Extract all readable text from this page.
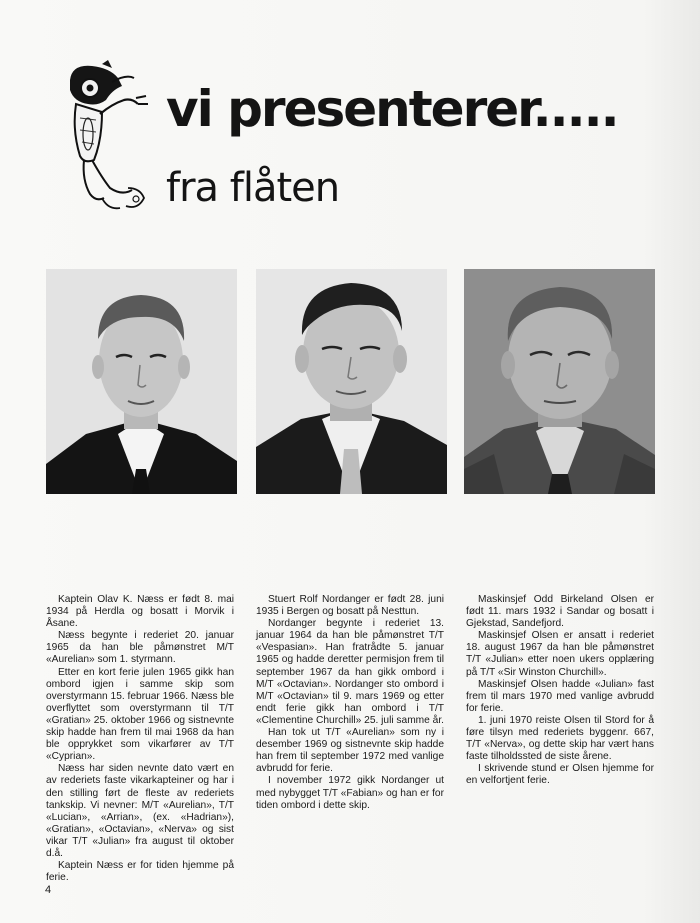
vi presenterer.....
fra flåten

Kaptein Olav K. Næss er født 8. mai 1934 på Herdla og bosatt i Morvik i Åsane.

Næss begynte i rederiet 20. januar 1965 da han ble påmønstret M/T «Aurelian» som 1. styrmann.

Etter en kort ferie julen 1965 gikk han ombord igjen i samme skip som overstyrmann 15. februar 1966. Næss ble overflyttet som overstyrmann til T/T «Gratian» 25. oktober 1966 og sistnevnte skip hadde han frem til mai 1968 da han ble opprykket som vikarfører av T/T «Cyprian».

Næss har siden nevnte dato vært en av rederiets faste vikarkapteiner og har i den stilling ført de fleste av rederiets tankskip. Vi nevner: M/T «Aurelian», T/T «Lucian», «Arrian», (ex. «Hadrian»), «Gratian», «Octavian», «Nerva» og sist vikar T/T «Julian» fra august til oktober d.å.

Kaptein Næss er for tiden hjemme på ferie.

Stuert Rolf Nordanger er født 28. juni 1935 i Bergen og bosatt på Nesttun.

Nordanger begynte i rederiet 13. januar 1964 da han ble påmønstret T/T «Vespasian». Han fratrådte 5. januar 1965 og hadde deretter permisjon frem til september 1967 da han gikk ombord i M/T «Octavian». Nordanger sto ombord i M/T «Octavian» til 9. mars 1969 og etter endt ferie gikk han ombord i T/T «Clementine Churchill» 25. juli samme år.

Han tok ut T/T «Aurelian» som ny i desember 1969 og sistnevnte skip hadde han frem til september 1972 med vanlige avbrudd for ferie.

I november 1972 gikk Nordanger ut med nybygget T/T «Fabian» og han er for tiden ombord i dette skip.

Maskinsjef Odd Birkeland Olsen er født 11. mars 1932 i Sandar og bosatt i Gjekstad, Sandefjord.

Maskinsjef Olsen er ansatt i rederiet 18. august 1967 da han ble påmønstret T/T «Julian» etter noen ukers opplæring på T/T «Sir Winston Churchill».

Maskinsjef Olsen hadde «Julian» fast frem til mars 1970 med vanlige avbrudd for ferie.

1. juni 1970 reiste Olsen til Stord for å føre tilsyn med rederiets byggenr. 667, T/T «Nerva», og dette skip har vært hans faste tilholdssted de siste årene.

I skrivende stund er Olsen hjemme for en velfortjent ferie.

4
